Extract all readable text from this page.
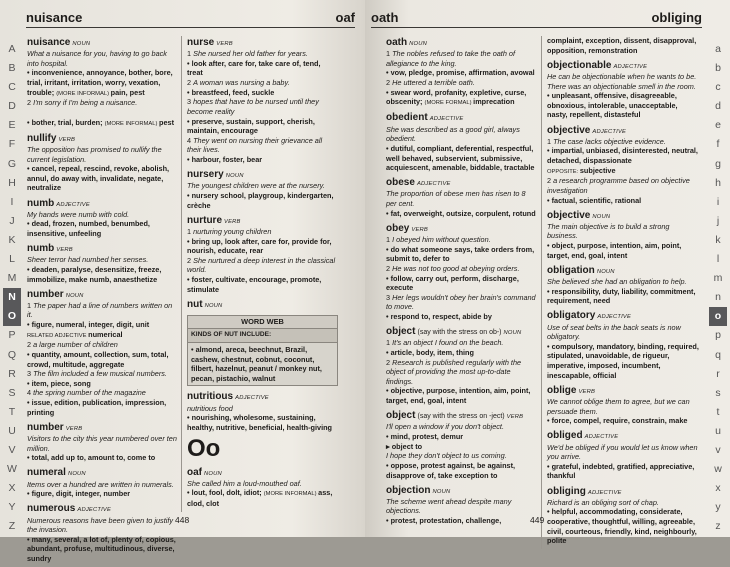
nuisance	oaf
A
B
C
D
E
F
G
H
I
J
K
L
M
N
O
P
Q
R
S
T
U
V
W
X
Y
Z
nuisance NOUN
What a nuisance for you, having to go back into hospital.
• inconvenience, annoyance, bother, bore, trial, irritant, irritation, worry, vexation, trouble; (MORE INFORMAL) pain, pest
2 I'm sorry if I'm being a nuisance.

• bother, trial, burden; (MORE INFORMAL) pest
nullify VERB
The opposition has promised to nullify the current legislation.
• cancel, repeal, rescind, revoke, abolish, annul, do away with, invalidate, negate, neutralize
numb ADJECTIVE
My hands were numb with cold.
• dead, frozen, numbed, benumbed, insensitive, unfeeling
numb VERB
Sheer terror had numbed her senses.
• deaden, paralyse, desensitize, freeze, immobilize, make numb, anaesthetize
number NOUN
1 The paper had a line of numbers written on it.
• figure, numeral, integer, digit, unit
RELATED ADJECTIVE numerical
2 a large number of children
• quantity, amount, collection, sum, total, crowd, multitude, aggregate
3 The film included a few musical numbers.
• item, piece, song
4 the spring number of the magazine
• issue, edition, publication, impression, printing
number VERB
Visitors to the city this year numbered over ten million.
• total, add up to, amount to, come to
numeral NOUN
Items over a hundred are written in numerals.
• figure, digit, integer, number
numerous ADJECTIVE
Numerous reasons have been given to justify the invasion.
• many, several, a lot of, plenty of, copious, abundant, profuse, multitudinous, diverse, sundry
nurse VERB
1 She nursed her old father for years.
• look after, care for, take care of, tend, treat
2 A woman was nursing a baby.
• breastfeed, feed, suckle
3 hopes that have to be nursed until they become reality
• preserve, sustain, support, cherish, maintain, encourage
4 They went on nursing their grievance all their lives.
• harbour, foster, bear
nursery NOUN
The youngest children were at the nursery.
• nursery school, playgroup, kindergarten, crèche
nurture VERB
1 nurturing young children
• bring up, look after, care for, provide for, nourish, educate, rear
2 She nurtured a deep interest in the classical world.
• foster, cultivate, encourage, promote, stimulate
nut NOUN

WORD WEB
KINDS OF NUT INCLUDE:
• almond, areca, beechnut, Brazil, cashew, chestnut, cobnut, coconut, filbert, hazelnut, peanut / monkey nut, pecan, pistachio, walnut
nutritious ADJECTIVE
nutritious food
• nourishing, wholesome, sustaining, healthy, nutritive, beneficial, health-giving
Oo
oaf NOUN
She called him a loud-mouthed oaf.
• lout, fool, dolt, idiot; (MORE INFORMAL) ass, clod, clot
448
oath	obliging
a
b
c
d
e
f
g
h
i
j
k
l
m
n
o
p
q
r
s
t
u
v
w
x
y
z
oath NOUN
1 The nobles refused to take the oath of allegiance to the king.
• vow, pledge, promise, affirmation, avowal
2 He uttered a terrible oath.
• swear word, profanity, expletive, curse, obscenity; (MORE FORMAL) imprecation
obedient ADJECTIVE
She was described as a good girl, always obedient.
• dutiful, compliant, deferential, respectful, well behaved, subservient, submissive, acquiescent, amenable, biddable, tractable
obese ADJECTIVE
The proportion of obese men has risen to 8 per cent.
• fat, overweight, outsize, corpulent, rotund
obey VERB
1 I obeyed him without question.
• do what someone says, take orders from, submit to, defer to
2 He was not too good at obeying orders.
• follow, carry out, perform, discharge, execute
3 Her legs wouldn't obey her brain's command to move.
• respond to, respect, abide by
object (say with the stress on ob-) NOUN
1 It's an object I found on the beach.
• article, body, item, thing
2 Research is published regularly with the object of providing the most up-to-date findings.
• objective, purpose, intention, aim, point, target, end, goal, intent
object (say with the stress on -ject) VERB
I'll open a window if you don't object.
• mind, protest, demur
▸ object to
I hope they don't object to us coming.
• oppose, protest against, be against, disapprove of, take exception to
objection NOUN
The scheme went ahead despite many objections.
• protest, protestation, challenge,
complaint, exception, dissent, disapproval, opposition, remonstration
objectionable ADJECTIVE
He can be objectionable when he wants to be. There was an objectionable smell in the room.
• unpleasant, offensive, disagreeable, obnoxious, intolerable, unacceptable, nasty, repellent, distasteful
objective ADJECTIVE
1 The case lacks objective evidence.
• impartial, unbiased, disinterested, neutral, detached, dispassionate
OPPOSITE: subjective
2 a research programme based on objective investigation
• factual, scientific, rational
objective NOUN
The main objective is to build a strong business.
• object, purpose, intention, aim, point, target, end, goal, intent
obligation NOUN
She believed she had an obligation to help.
• responsibility, duty, liability, commitment, requirement, need
obligatory ADJECTIVE
Use of seat belts in the back seats is now obligatory.
• compulsory, mandatory, binding, required, stipulated, unavoidable, de rigueur, imperative, imposed, incumbent, inescapable, official
oblige VERB
We cannot oblige them to agree, but we can persuade them.
• force, compel, require, constrain, make
obliged ADJECTIVE
We'd be obliged if you would let us know when you arrive.
• grateful, indebted, gratified, appreciative, thankful
obliging ADJECTIVE
Richard is an obliging sort of chap.
• helpful, accommodating, considerate, cooperative, thoughtful, willing, agreeable, civil, courteous, friendly, kind, neighbourly, polite
449
